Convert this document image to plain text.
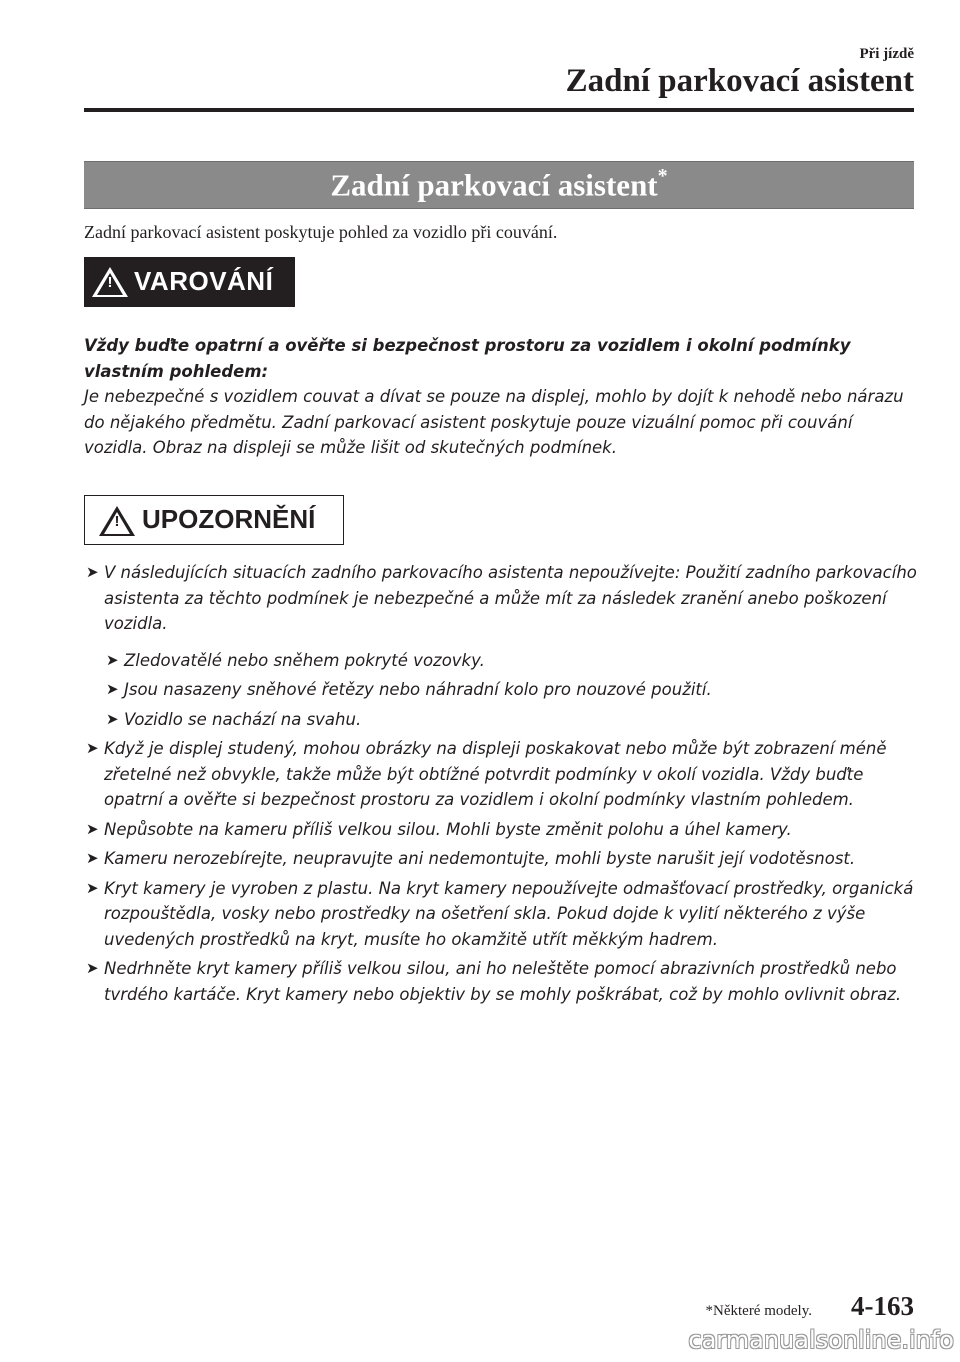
Při jízdě
Zadní parkovací asistent
Zadní parkovací asistent*
Zadní parkovací asistent poskytuje pohled za vozidlo při couvání.
! VAROVÁNÍ

Vždy buďte opatrní a ověřte si bezpečnost prostoru za vozidlem i okolní podmínky vlastním pohledem:

Je nebezpečné s vozidlem couvat a dívat se pouze na displej, mohlo by dojít k nehodě nebo nárazu do nějakého předmětu. Zadní parkovací asistent poskytuje pouze vizuální pomoc při couvání vozidla. Obraz na displeji se může lišit od skutečných podmínek.

! UPOZORNĚNÍ
➤ V následujících situacích zadního parkovacího asistenta nepoužívejte: Použití zadního parkovacího asistenta za těchto podmínek je nebezpečné a může mít za následek zranění anebo poškození vozidla.
➤ Zledovatělé nebo sněhem pokryté vozovky.
➤ Jsou nasazeny sněhové řetězy nebo náhradní kolo pro nouzové použití.
➤ Vozidlo se nachází na svahu.
➤ Když je displej studený, mohou obrázky na displeji poskakovat nebo může být zobrazení méně zřetelné než obvykle, takže může být obtížné potvrdit podmínky v okolí vozidla. Vždy buďte opatrní a ověřte si bezpečnost prostoru za vozidlem i okolní podmínky vlastním pohledem.
➤ Nepůsobte na kameru příliš velkou silou. Mohli byste změnit polohu a úhel kamery.
➤ Kameru nerozebírejte, neupravujte ani nedemontujte, mohli byste narušit její vodotěsnost.
➤ Kryt kamery je vyroben z plastu. Na kryt kamery nepoužívejte odmašťovací prostředky, organická rozpouštědla, vosky nebo prostředky na ošetření skla. Pokud dojde k vylití některého z výše uvedených prostředků na kryt, musíte ho okamžitě utřít měkkým hadrem.
➤ Nedrhněte kryt kamery příliš velkou silou, ani ho neleštěte pomocí abrazivních prostředků nebo tvrdého kartáče. Kryt kamery nebo objektiv by se mohly poškrábat, což by mohlo ovlivnit obraz.
*Některé modely. 4-163
carmanualsonline.info
